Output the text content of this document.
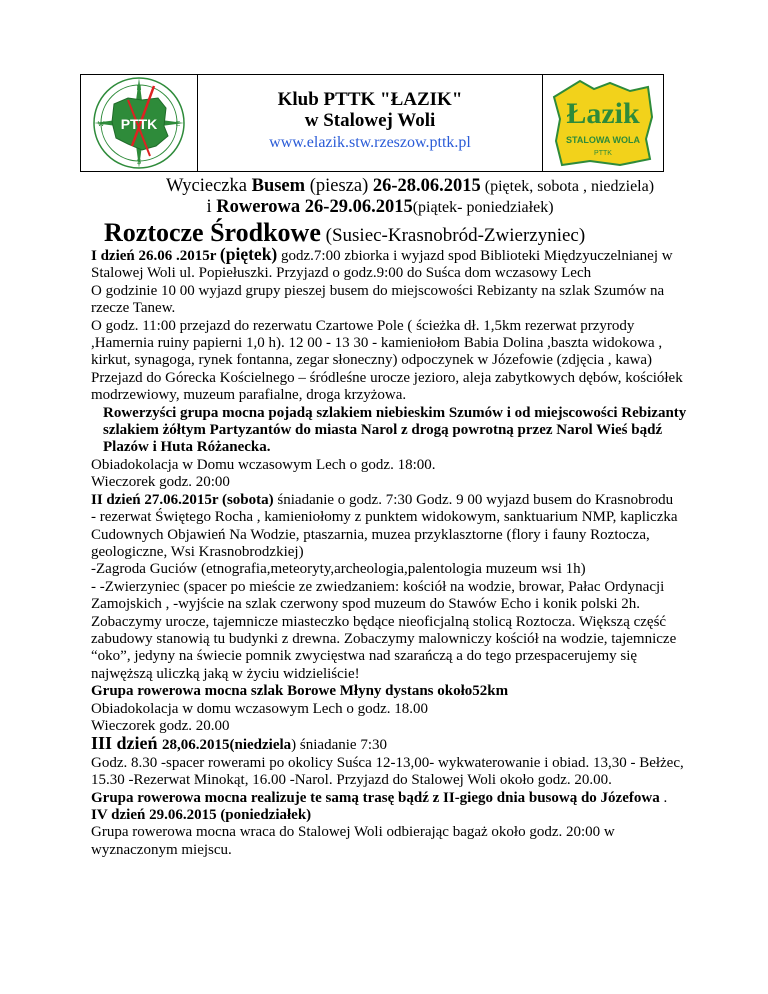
PTTK
N
S
E
W
Klub PTTK "ŁAZIK"
w Stalowej Woli
www.elazik.stw.rzeszow.pttk.pl
Łazik
STALOWA WOLA
PTTK
Wycieczka Busem (piesza) 26-28.06.2015 (piętek, sobota , niedziela)
i Rowerowa 26-29.06.2015(piątek- poniedziałek)
Roztocze Środkowe (Susiec-Krasnobród-Zwierzyniec)

I dzień 26.06 .2015r (piętek) godz.7:00 zbiorka i wyjazd spod Biblioteki Międzyuczelnianej w Stalowej Woli ul. Popiełuszki. Przyjazd o godz.9:00 do Suśca dom wczasowy Lech

O godzinie 10 00 wyjazd grupy pieszej busem do miejscowości Rebizanty na szlak Szumów na rzecze Tanew.

O godz. 11:00 przejazd do rezerwatu Czartowe Pole ( ścieżka dł. 1,5km rezerwat przyrody ,Hamernia ruiny papierni 1,0 h). 12 00 - 13 30 - kamieniołom Babia Dolina ,baszta widokowa , kirkut, synagoga, rynek fontanna, zegar słoneczny) odpoczynek w Józefowie (zdjęcia , kawa)

Przejazd do Górecka Kościelnego – śródleśne urocze jezioro, aleja zabytkowych dębów, kościółek modrzewiowy, muzeum parafialne, droga krzyżowa.

Rowerzyści grupa mocna pojadą szlakiem niebieskim Szumów i od miejscowości Rebizanty szlakiem żółtym Partyzantów do miasta Narol z drogą powrotną przez Narol Wieś bądź Plazów i Huta Różanecka.

Obiadokolacja w Domu wczasowym Lech o godz. 18:00.

Wieczorek godz. 20:00

II dzień 27.06.2015r (sobota) śniadanie o godz. 7:30 Godz. 9 00 wyjazd busem do Krasnobrodu

- rezerwat Świętego Rocha , kamieniołomy z punktem widokowym, sanktuarium NMP, kapliczka Cudownych Objawień Na Wodzie, ptaszarnia, muzea przyklasztorne (flory i fauny Roztocza, geologiczne, Wsi Krasnobrodzkiej)

-Zagroda Guciów (etnografia,meteoryty,archeologia,palentologia muzeum wsi 1h)

- -Zwierzyniec (spacer po mieście ze zwiedzaniem: kościół na wodzie, browar, Pałac Ordynacji Zamojskich , -wyjście na szlak czerwony spod muzeum do Stawów Echo i konik polski 2h. Zobaczymy urocze, tajemnicze miasteczko będące nieoficjalną stolicą Roztocza. Większą część zabudowy stanowią tu budynki z drewna. Zobaczymy malowniczy kościół na wodzie, tajemnicze “oko”, jedyny na świecie pomnik zwycięstwa nad szarańczą a do tego przespacerujemy się najwęższą uliczką jaką w życiu widzieliście!

Grupa rowerowa mocna szlak Borowe Młyny dystans około52km

Obiadokolacja w domu wczasowym Lech o godz. 18.00

Wieczorek godz. 20.00

III dzień 28,06.2015(niedziela) śniadanie 7:30

Godz. 8.30 -spacer rowerami po okolicy Suśca 12-13,00- wykwaterowanie i obiad. 13,30 - Bełżec, 15.30 -Rezerwat Minokąt, 16.00 -Narol. Przyjazd do Stalowej Woli około godz. 20.00.

Grupa rowerowa mocna realizuje te samą trasę bądź z II-giego dnia busową do Józefowa .

IV dzień 29.06.2015 (poniedziałek)

Grupa rowerowa mocna wraca do Stalowej Woli odbierając bagaż około godz. 20:00 w wyznaczonym miejscu.
